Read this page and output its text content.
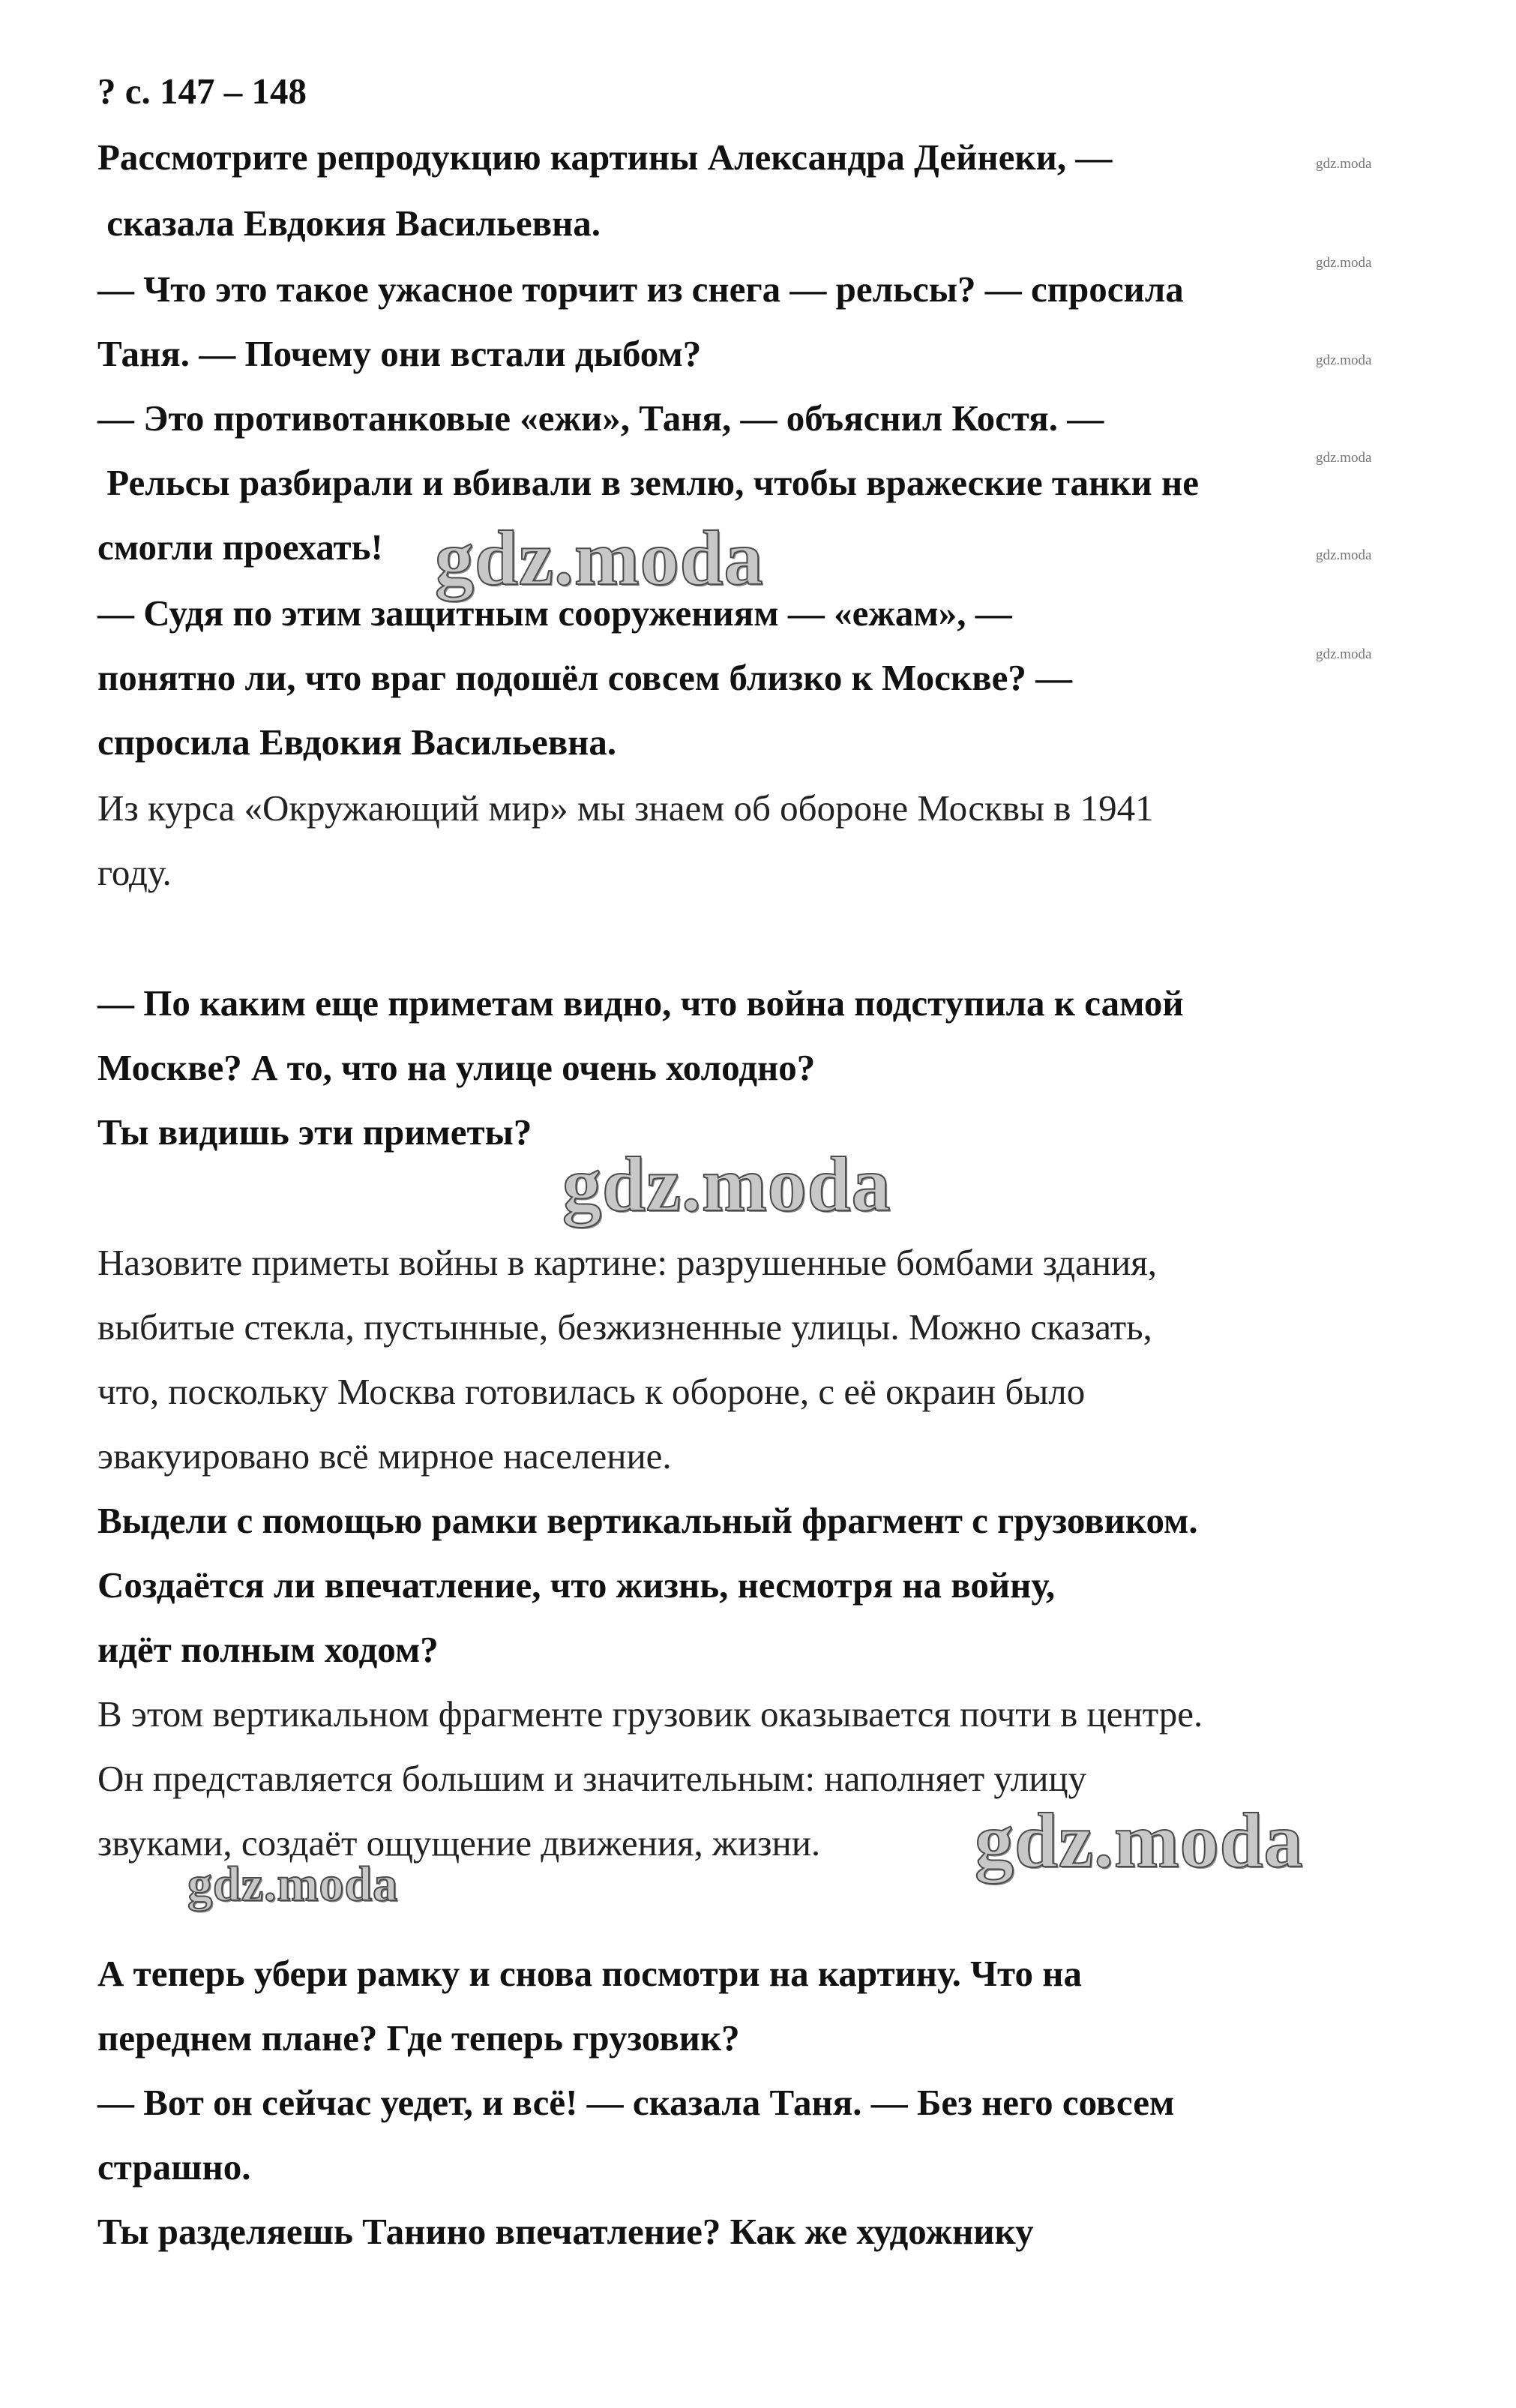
? с. 147 – 148

Рассмотрите репродукцию картины Александра Дейнеки, —

сказала Евдокия Васильевна.

— Что это такое ужасное торчит из снега — рельсы? — спросила

Таня. — Почему они встали дыбом?

— Это противотанковые «ежи», Таня, — объяснил Костя. —

Рельсы разбирали и вбивали в землю, чтобы вражеские танки не

смогли проехать!

— Судя по этим защитным сооружениям — «ежам», —

понятно ли, что враг подошёл совсем близко к Москве? —

спросила Евдокия Васильевна.

Из курса «Окружающий мир» мы знаем об обороне Москвы в 1941

году.

— По каким еще приметам видно, что война подступила к самой

Москве? А то, что на улице очень холодно?

Ты видишь эти приметы?

Назовите приметы войны в картине: разрушенные бомбами здания,

выбитые стекла, пустынные, безжизненные улицы. Можно сказать,

что, поскольку Москва готовилась к обороне, с её окраин было

эвакуировано всё мирное население.

Выдели с помощью рамки вертикальный фрагмент с грузовиком.

Создаётся ли впечатление, что жизнь, несмотря на войну,

идёт полным ходом?

В этом вертикальном фрагменте грузовик оказывается почти в центре.

Он представляется большим и значительным: наполняет улицу

звуками, создаёт ощущение движения, жизни.

А теперь убери рамку и снова посмотри на картину. Что на

переднем плане? Где теперь грузовик?

— Вот он сейчас уедет, и всё! — сказала Таня. — Без него совсем

страшно.

Ты разделяешь Танино впечатление? Как же художнику

gdz.moda
gdz.moda
gdz.moda
gdz.moda
gdz.moda
gdz.moda
gdz.moda
gdz.moda
gdz.moda
gdz.moda
